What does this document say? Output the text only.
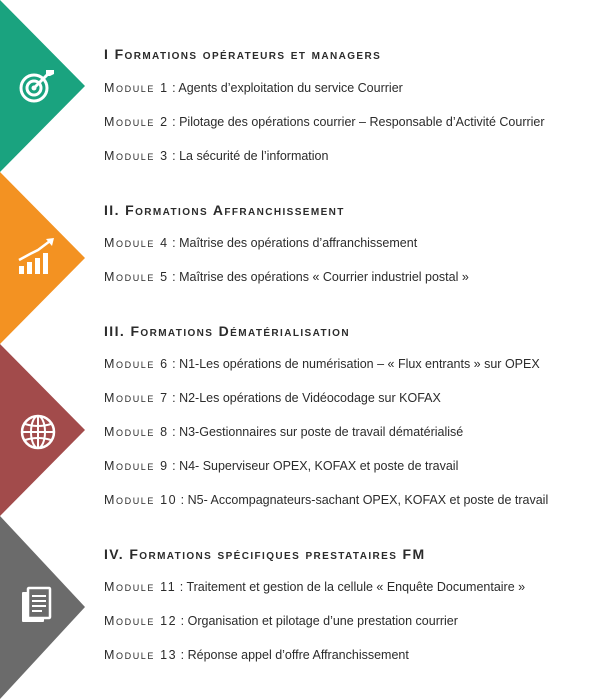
I Formations opérateurs et managers
Module 1 : Agents d’exploitation du service Courrier
Module 2 : Pilotage des opérations courrier – Responsable d’Activité Courrier
Module 3 : La sécurité de l’information
II. Formations Affranchissement
Module 4 : Maîtrise des opérations d’affranchissement
Module 5 : Maîtrise des opérations « Courrier industriel postal »
III. Formations Dématérialisation
Module 6 : N1-Les opérations de numérisation – « Flux entrants » sur OPEX
Module 7 : N2-Les opérations de Vidéocodage sur KOFAX
Module 8 : N3-Gestionnaires sur poste de travail dématérialisé
Module 9 : N4- Superviseur OPEX, KOFAX et poste de travail
Module 10 : N5- Accompagnateurs-sachant OPEX, KOFAX et poste de travail
IV. Formations spécifiques prestataires FM
Module 11 : Traitement et gestion de la cellule « Enquête Documentaire »
Module 12 : Organisation et pilotage d’une prestation courrier
Module 13 : Réponse appel d’offre Affranchissement
